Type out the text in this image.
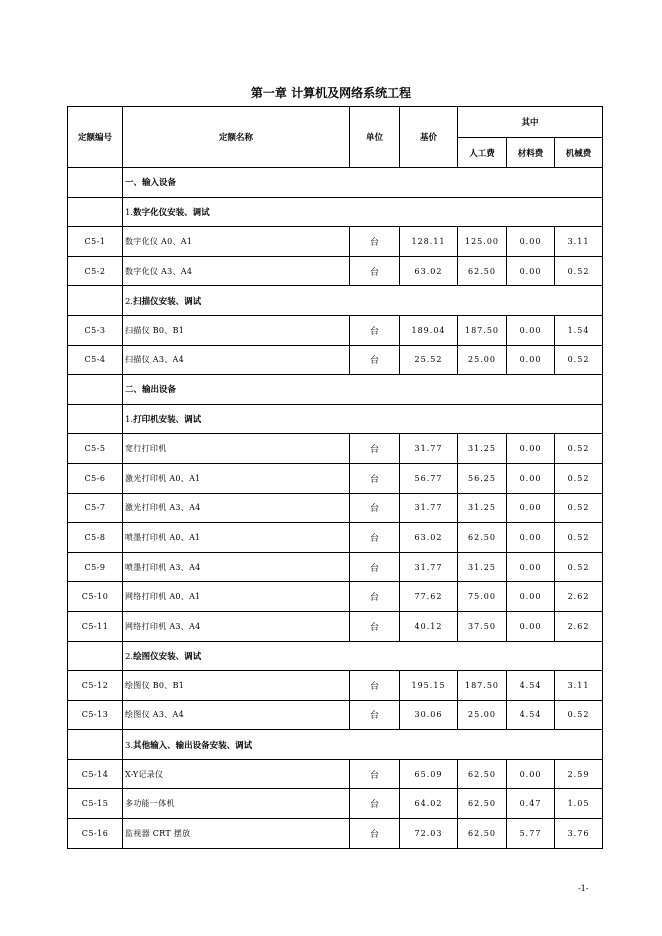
第一章 计算机及网络系统工程
定额编号	定额名称	单位	基价	其中		
				人工费	材料费	机械费
	一、输入设备					
	1.数字化仪安装、调试					
C5-1	数字化仪 A0、A1	台	128.11	125.00	0.00	3.11
C5-2	数字化仪 A3、A4	台	63.02	62.50	0.00	0.52
	2.扫描仪安装、调试					
C5-3	扫描仪 B0、B1	台	189.04	187.50	0.00	1.54
C5-4	扫描仪 A3、A4	台	25.52	25.00	0.00	0.52
	二、输出设备					
	1.打印机安装、调试					
C5-5	宽行打印机	台	31.77	31.25	0.00	0.52
C5-6	激光打印机 A0、A1	台	56.77	56.25	0.00	0.52
C5-7	激光打印机 A3、A4	台	31.77	31.25	0.00	0.52
C5-8	喷墨打印机 A0、A1	台	63.02	62.50	0.00	0.52
C5-9	喷墨打印机 A3、A4	台	31.77	31.25	0.00	0.52
C5-10	网络打印机 A0、A1	台	77.62	75.00	0.00	2.62
C5-11	网络打印机 A3、A4	台	40.12	37.50	0.00	2.62
	2.绘图仪安装、调试					
C5-12	绘图仪 B0、B1	台	195.15	187.50	4.54	3.11
C5-13	绘图仪 A3、A4	台	30.06	25.00	4.54	0.52
	3.其他输入、输出设备安装、调试					
C5-14	X-Y记录仪	台	65.09	62.50	0.00	2.59
C5-15	多功能一体机	台	64.02	62.50	0.47	1.05
C5-16	监视器 CRT 摆放	台	72.03	62.50	5.77	3.76
-1-
